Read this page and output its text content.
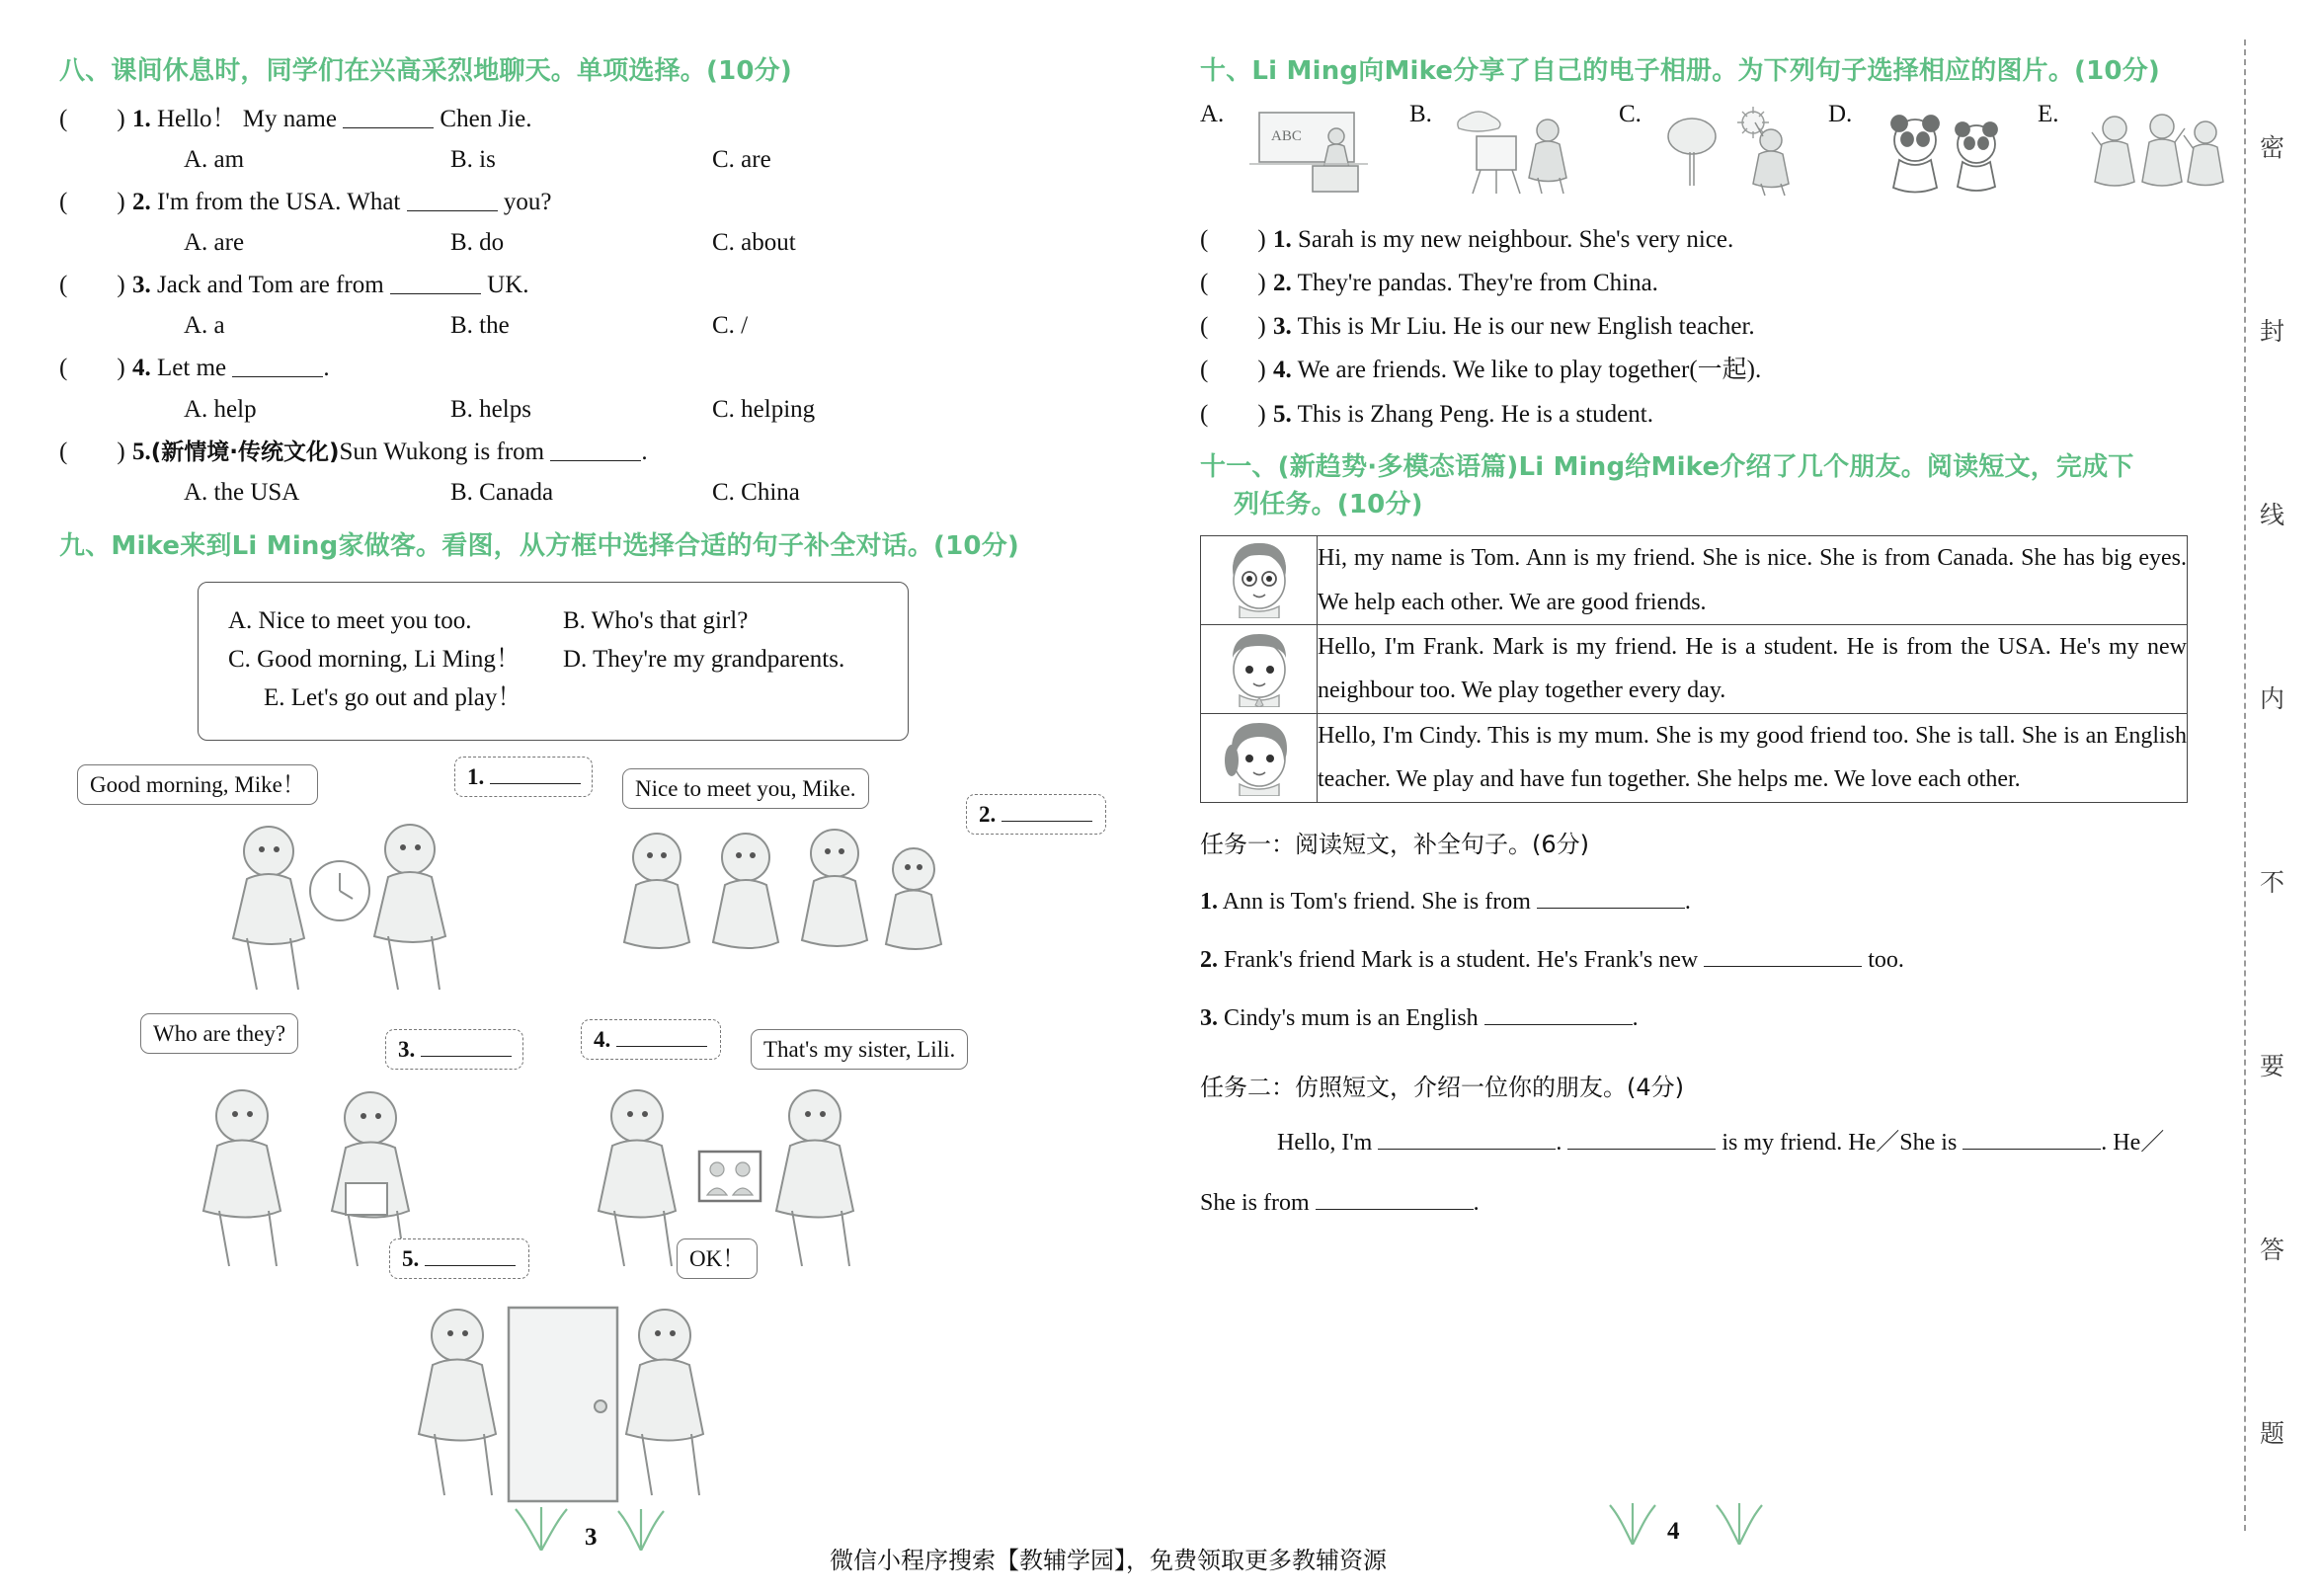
八、课间休息时，同学们在兴高采烈地聊天。单项选择。(10分)
(　　) 1. Hello！ My name	Chen Jie.
A. am	B. is	C. are
(　　) 2. I'm from the USA. What	you?
A. are	B. do	C. about
(　　) 3. Jack and Tom are from	UK.
A. a	B. the	C. /
(　　) 4. Let me	.
A. help	B. helps	C. helping
(　　) 5.(新情境·传统文化)Sun Wukong is from	.
A. the USA	B. Canada	C. China
九、Mike来到Li Ming家做客。看图，从方框中选择合适的句子补全对话。(10分)
A. Nice to meet you too.	B. Who's that girl?
C. Good morning, Li Ming！	D. They're my grandparents.
E. Let's go out and play！
Good morning, Mike！	1.	Nice to meet you, Mike.
2.
Who are they?
3.	4.	That's my sister, Lili.
5.	OK！
十、Li Ming向Mike分享了自己的电子相册。为下列句子选择相应的图片。(10分)
A.
ABC
B.	C.	D.	E.
(　　) 1. Sarah is my new neighbour. She's very nice.
(　　) 2. They're pandas. They're from China.
(　　) 3. This is Mr Liu. He is our new English teacher.
(　　) 4. We are friends. We like to play together(一起).
(　　) 5. This is Zhang Peng. He is a student.
十一、(新趋势·多模态语篇)Li Ming给Mike介绍了几个朋友。阅读短文，完成下
列任务。(10分)
	Hi, my name is Tom. Ann is my friend. She is nice. She is from Canada. She has big eyes. We help each other. We are good friends.
	Hello, I'm Frank. Mark is my friend. He is a student. He is from the USA. He's my new neighbour too. We play together every day.
	Hello, I'm Cindy. This is my mum. She is my good friend too. She is tall. She is an English teacher. We play and have fun together. She helps me. We love each other.
任务一：阅读短文，补全句子。(6分)
1. Ann is Tom's friend. She is from	.
2. Frank's friend Mark is a student. He's Frank's new	too.
3. Cindy's mum is an English	.
任务二：仿照短文，介绍一位你的朋友。(4分)
Hello, I'm	.	is my friend. He／She is	. He／
She is from	.
密
封
线
内
不
要
答
题
3	4
微信小程序搜索【教辅学园】，免费领取更多教辅资源
